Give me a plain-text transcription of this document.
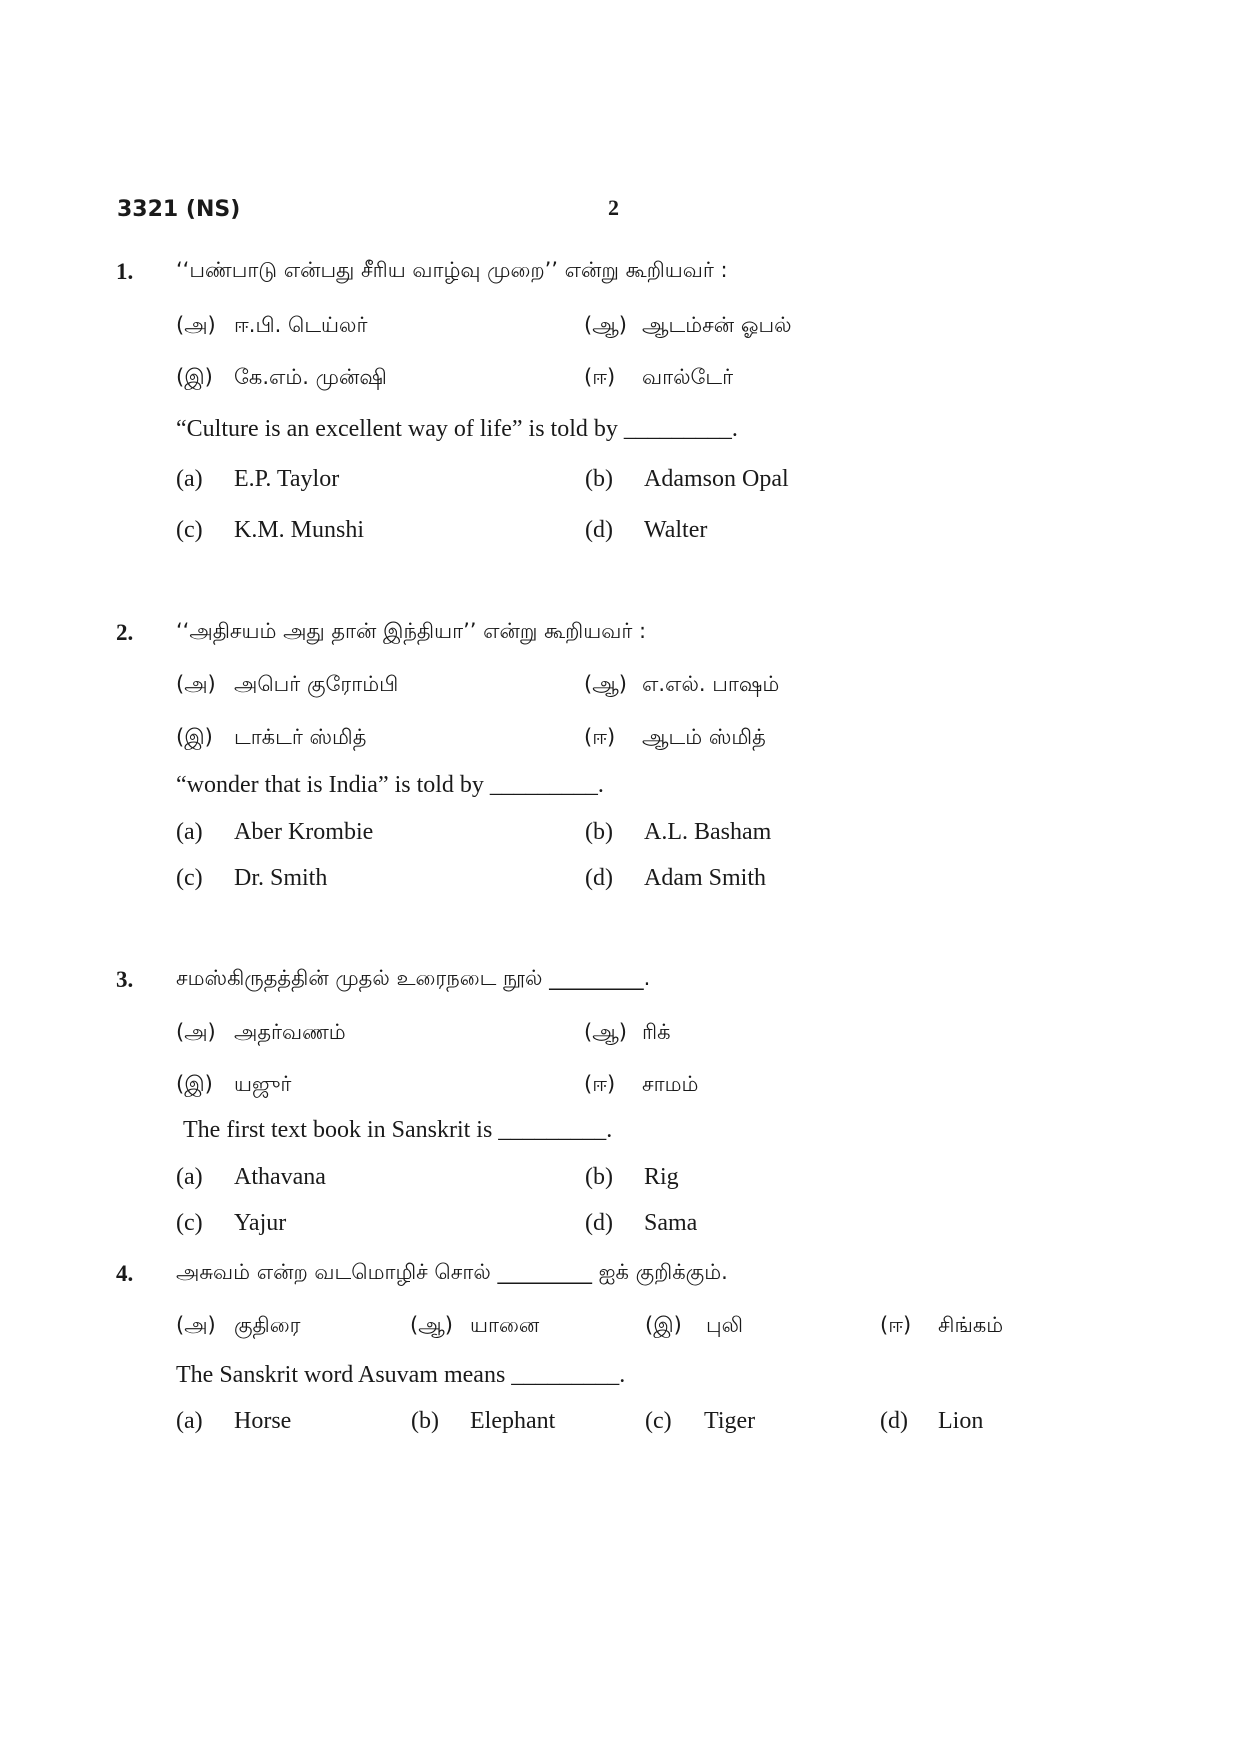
3321 (NS)	2
1. ‘‘பண்பாடு என்பது சீரிய வாழ்வு முறை’’ என்று கூறியவர் :
(அ) ஈ.பி. டெய்லர்	(ஆ) ஆடம்சன் ஓபல்
(இ) கே.எம். முன்ஷி	(ஈ) வால்டேர்
“Culture is an excellent way of life” is told by _________.
(a) E.P. Taylor	(b) Adamson Opal
(c) K.M. Munshi	(d) Walter
2. ‘‘அதிசயம் அது தான் இந்தியா’’ என்று கூறியவர் :
(அ) அபெர் குரோம்பி	(ஆ) எ.எல். பாஷம்
(இ) டாக்டர் ஸ்மித்	(ஈ) ஆடம் ஸ்மித்
“wonder that is India” is told by _________.
(a) Aber Krombie	(b) A.L. Basham
(c) Dr. Smith	(d) Adam Smith
3. சமஸ்கிருதத்தின் முதல் உரைநடை நூல் _________.
(அ) அதர்வணம்	(ஆ) ரிக்
(இ) யஜுர்	(ஈ) சாமம்
The first text book in Sanskrit is _________.
(a) Athavana	(b) Rig
(c) Yajur	(d) Sama
4. அசுவம் என்ற வடமொழிச் சொல் _________ ஐக் குறிக்கும்.
(அ) குதிரை	(ஆ) யானை	(இ) புலி	(ஈ) சிங்கம்
The Sanskrit word Asuvam means _________.
(a) Horse	(b) Elephant	(c) Tiger	(d) Lion
